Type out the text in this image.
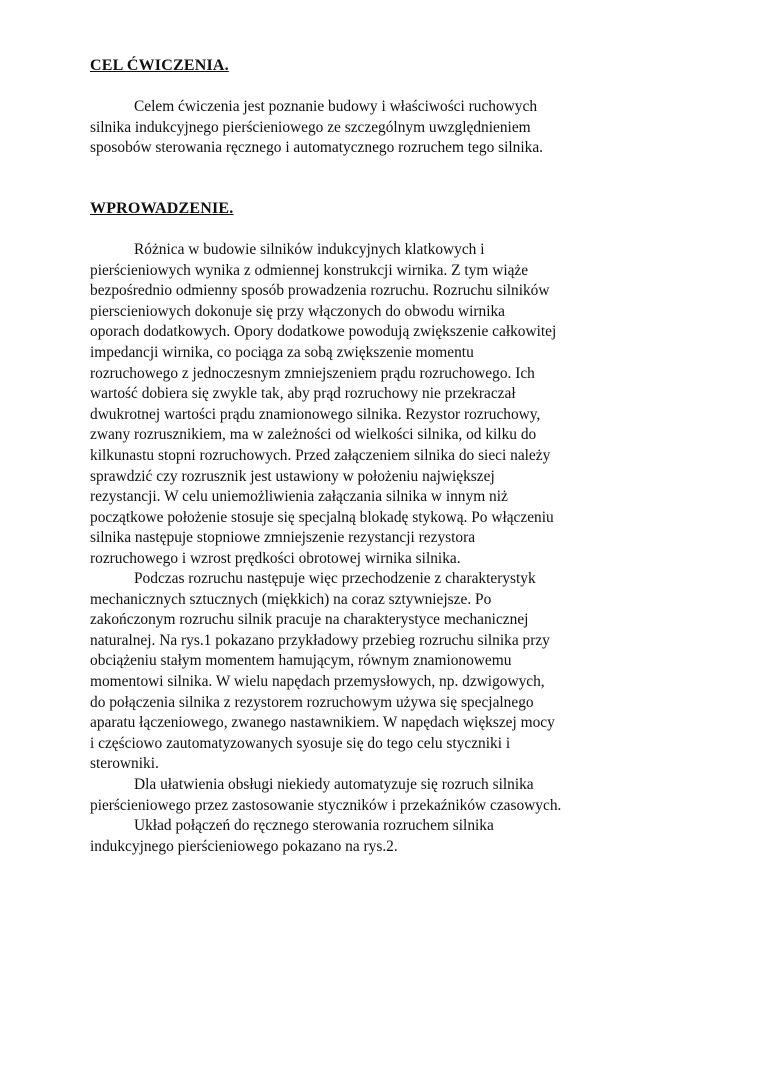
CEL ĆWICZENIA.

Celem ćwiczenia jest poznanie budowy i właściwości ruchowych
silnika indukcyjnego pierścieniowego ze szczególnym uwzględnieniem
sposobów sterowania ręcznego i automatycznego rozruchem tego silnika.

WPROWADZENIE.

Różnica w budowie silników indukcyjnych klatkowych i
pierścieniowych wynika z odmiennej konstrukcji wirnika. Z tym wiąże
bezpośrednio odmienny sposób prowadzenia rozruchu. Rozruchu silników
pierscieniowych dokonuje się przy włączonych do obwodu wirnika
oporach dodatkowych. Opory dodatkowe powodują zwiększenie całkowitej
impedancji wirnika, co pociąga za sobą zwiększenie momentu
rozruchowego z jednoczesnym zmniejszeniem prądu rozruchowego. Ich
wartość dobiera się zwykle tak, aby prąd rozruchowy nie przekraczał
dwukrotnej wartości prądu znamionowego silnika. Rezystor rozruchowy,
zwany rozrusznikiem, ma w zależności od wielkości silnika, od kilku do
kilkunastu stopni rozruchowych. Przed załączeniem silnika do sieci należy
sprawdzić czy rozrusznik jest ustawiony w położeniu największej
rezystancji. W celu uniemożliwienia załączania silnika w innym niż
początkowe położenie stosuje się specjalną blokadę stykową. Po włączeniu
silnika następuje stopniowe zmniejszenie rezystancji rezystora
rozruchowego i wzrost prędkości obrotowej wirnika silnika.

Podczas rozruchu następuje więc przechodzenie z charakterystyk
mechanicznych sztucznych (miękkich) na coraz sztywniejsze. Po
zakończonym rozruchu silnik pracuje na charakterystyce mechanicznej
naturalnej. Na rys.1 pokazano przykładowy przebieg rozruchu silnika przy
obciążeniu stałym momentem hamującym, równym znamionowemu
momentowi silnika. W wielu napędach przemysłowych, np. dzwigowych,
do połączenia silnika z rezystorem rozruchowym używa się specjalnego
aparatu łączeniowego, zwanego nastawnikiem. W napędach większej mocy
i częściowo zautomatyzowanych syosuje się do tego celu styczniki i
sterowniki.

Dla ułatwienia obsługi niekiedy automatyzuje się rozruch silnika
pierścieniowego przez zastosowanie styczników i przekaźników czasowych.

Układ połączeń do ręcznego sterowania rozruchem silnika
indukcyjnego pierścieniowego pokazano na rys.2.
